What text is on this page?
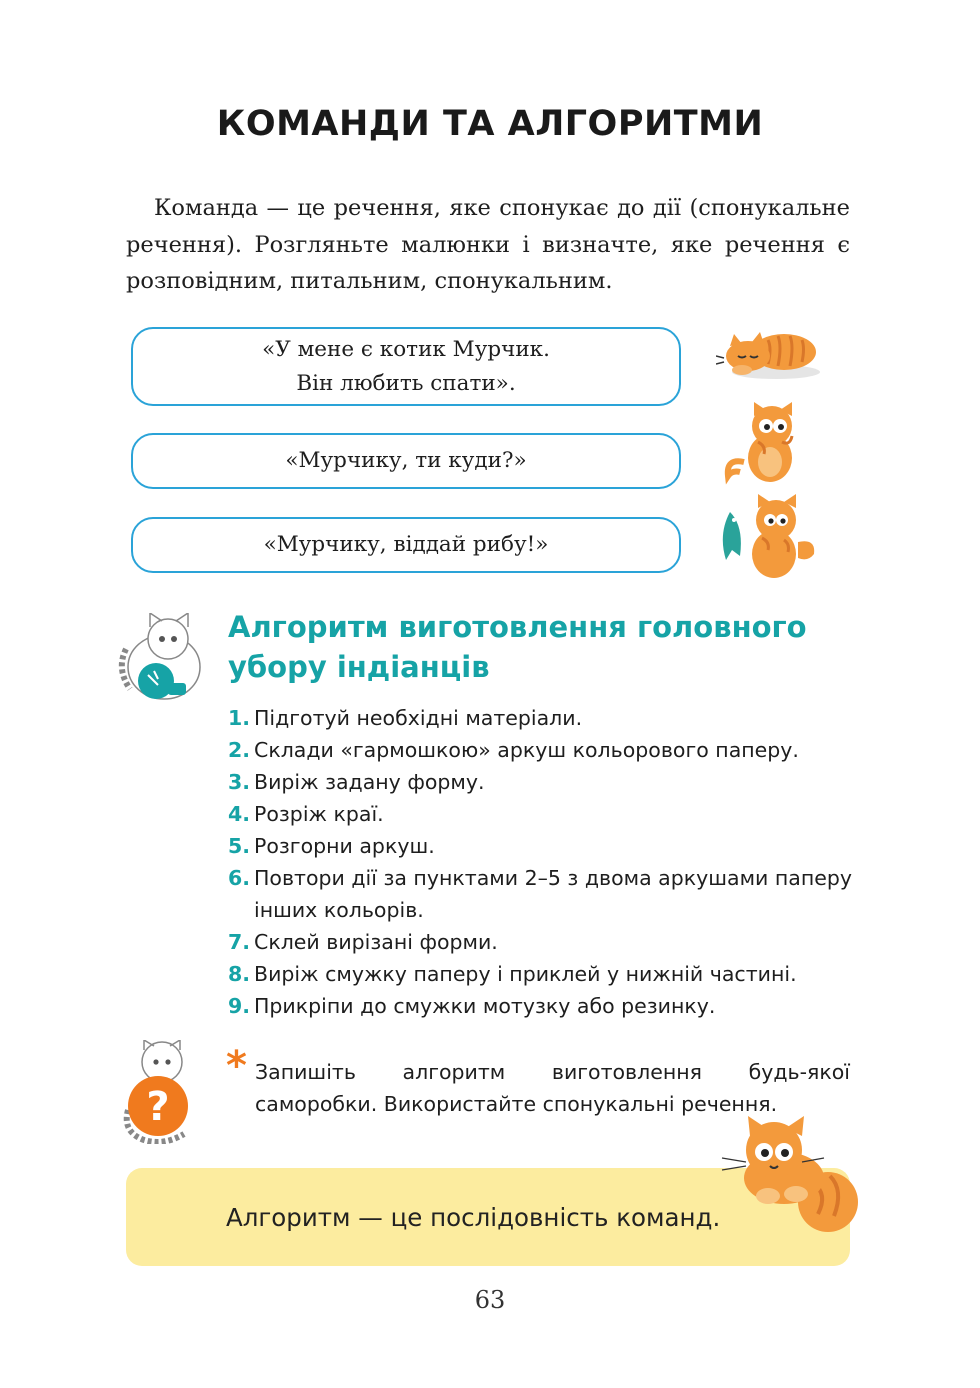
КОМАНДИ ТА АЛГОРИТМИ

Команда — це речення, яке спонукає до дії (спонукальне речення). Розгляньте малюнки і визначте, яке речення є розповідним, питальним, спонукальним.

«У мене є котик Мурчик.
Він любить спати».
«Мурчику, ти куди?»
«Мурчику, віддай рибу!»
Алгоритм виготовлення головного
убору індіанців
1. Підготуй необхідні матеріали.
2. Склади «гармошкою» аркуш кольорового паперу.
3. Виріж задану форму.
4. Розріж краї.
5. Розгорни аркуш.
6. Повтори дії за пунктами 2–5 з двома аркушами паперу інших кольорів.
7. Склей вирізані форми.
8. Виріж смужку паперу і приклей у нижній частині.
9. Прикріпи до смужки мотузку або резинку.
?
* Запишіть алгоритм виготовлення будь-якої саморобки. Використайте спонукальні речення.
Алгоритм — це послідовність команд.
63
